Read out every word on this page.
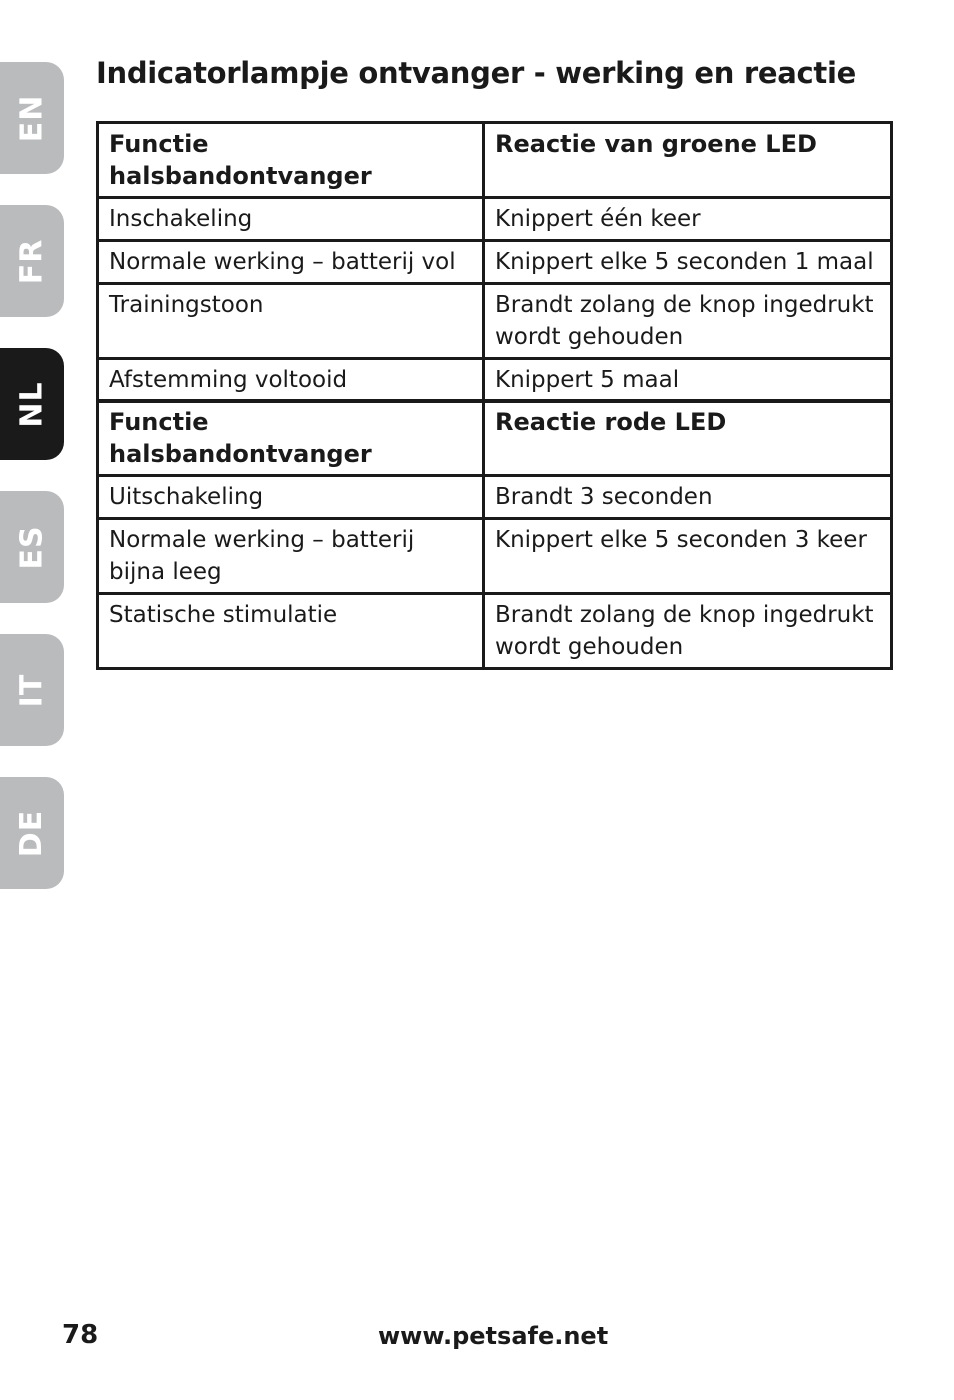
EN
FR
NL
ES
IT
DE
Indicatorlampje ontvanger - werking en reactie
Functie halsbandontvanger	Reactie van groene LED
Inschakeling	Knippert één keer
Normale werking – batterij vol	Knippert elke 5 seconden 1 maal
Trainingstoon	Brandt zolang de knop ingedrukt wordt gehouden
Afstemming voltooid	Knippert 5 maal
Functie halsbandontvanger	Reactie rode LED
Uitschakeling	Brandt 3 seconden
Normale werking – batterij bijna leeg	Knippert elke 5 seconden 3 keer
Statische stimulatie	Brandt zolang de knop ingedrukt wordt gehouden
78	www.petsafe.net
